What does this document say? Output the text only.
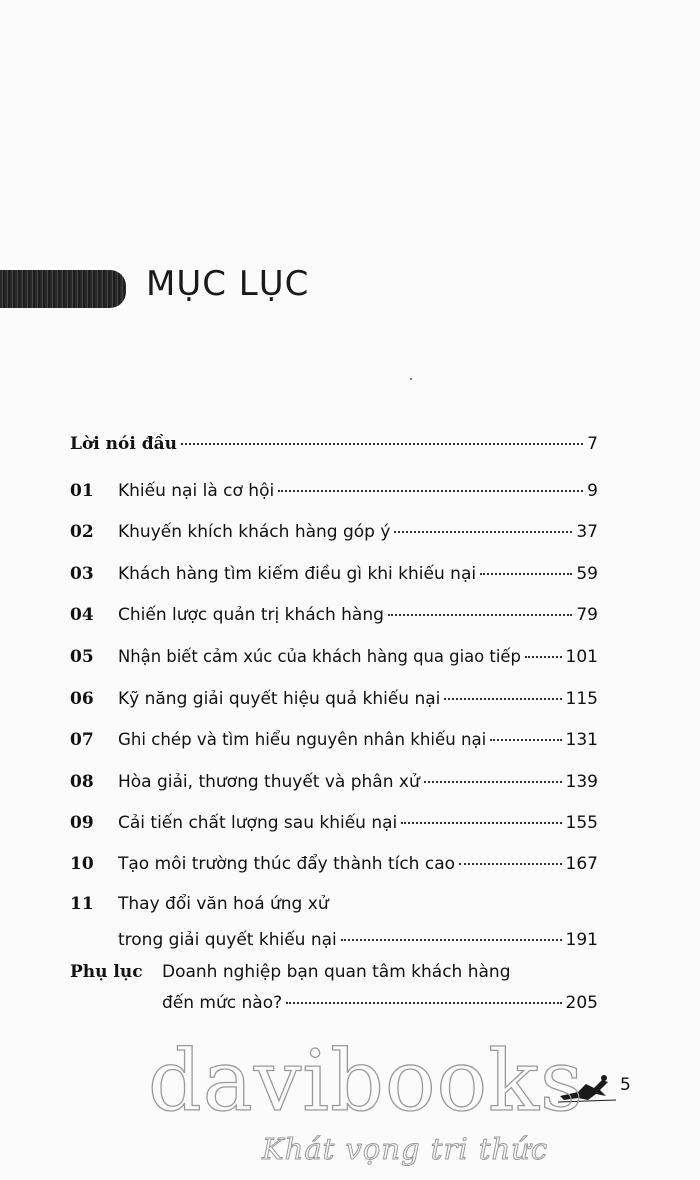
MỤC LỤC
Lời nói đầu	7
01	Khiếu nại là cơ hội	9
02	Khuyến khích khách hàng góp ý	37
03	Khách hàng tìm kiếm điều gì khi khiếu nại	59
04	Chiến lược quản trị khách hàng	79
05	Nhận biết cảm xúc của khách hàng qua giao tiếp	101
06	Kỹ năng giải quyết hiệu quả khiếu nại	115
07	Ghi chép và tìm hiểu nguyên nhân khiếu nại	131
08	Hòa giải, thương thuyết và phân xử	139
09	Cải tiến chất lượng sau khiếu nại	155
10	Tạo môi trường thúc đẩy thành tích cao	167
11	Thay đổi văn hoá ứng xử
trong giải quyết khiếu nại	191
Phụ lục	Doanh nghiệp bạn quan tâm khách hàng
đến mức nào?	205
5
davibooks
Khát vọng tri thức
